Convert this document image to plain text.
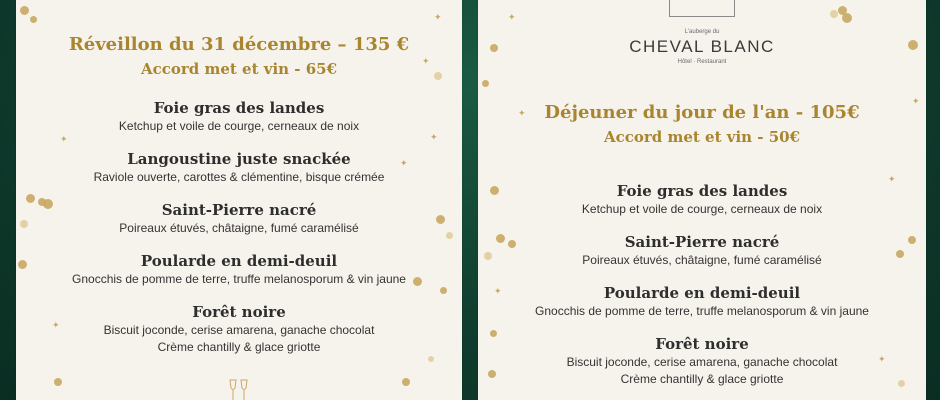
✦
✦
✦
✦
✦
✦
Réveillon du 31 décembre – 135 €
Accord met et vin - 65€
Foie gras des landes
Ketchup et voile de courge, cerneaux de noix
Langoustine juste snackée
Raviole ouverte, carottes & clémentine, bisque crémée
Saint-Pierre nacré
Poireaux étuvés, châtaigne, fumé caramélisé
Poularde en demi-deuil
Gnocchis de pomme de terre, truffe melanosporum & vin jaune
Forêt noire
Biscuit joconde, cerise amarena, ganache chocolat
Crème chantilly & glace griotte
✦
✦
✦
✦
✦
✦
L'auberge du
CHEVAL BLANC
Hôtel · Restaurant
Déjeuner du jour de l'an - 105€
Accord met et vin - 50€
Foie gras des landes
Ketchup et voile de courge, cerneaux de noix
Saint-Pierre nacré
Poireaux étuvés, châtaigne, fumé caramélisé
Poularde en demi-deuil
Gnocchis de pomme de terre, truffe melanosporum & vin jaune
Forêt noire
Biscuit joconde, cerise amarena, ganache chocolat
Crème chantilly & glace griotte
